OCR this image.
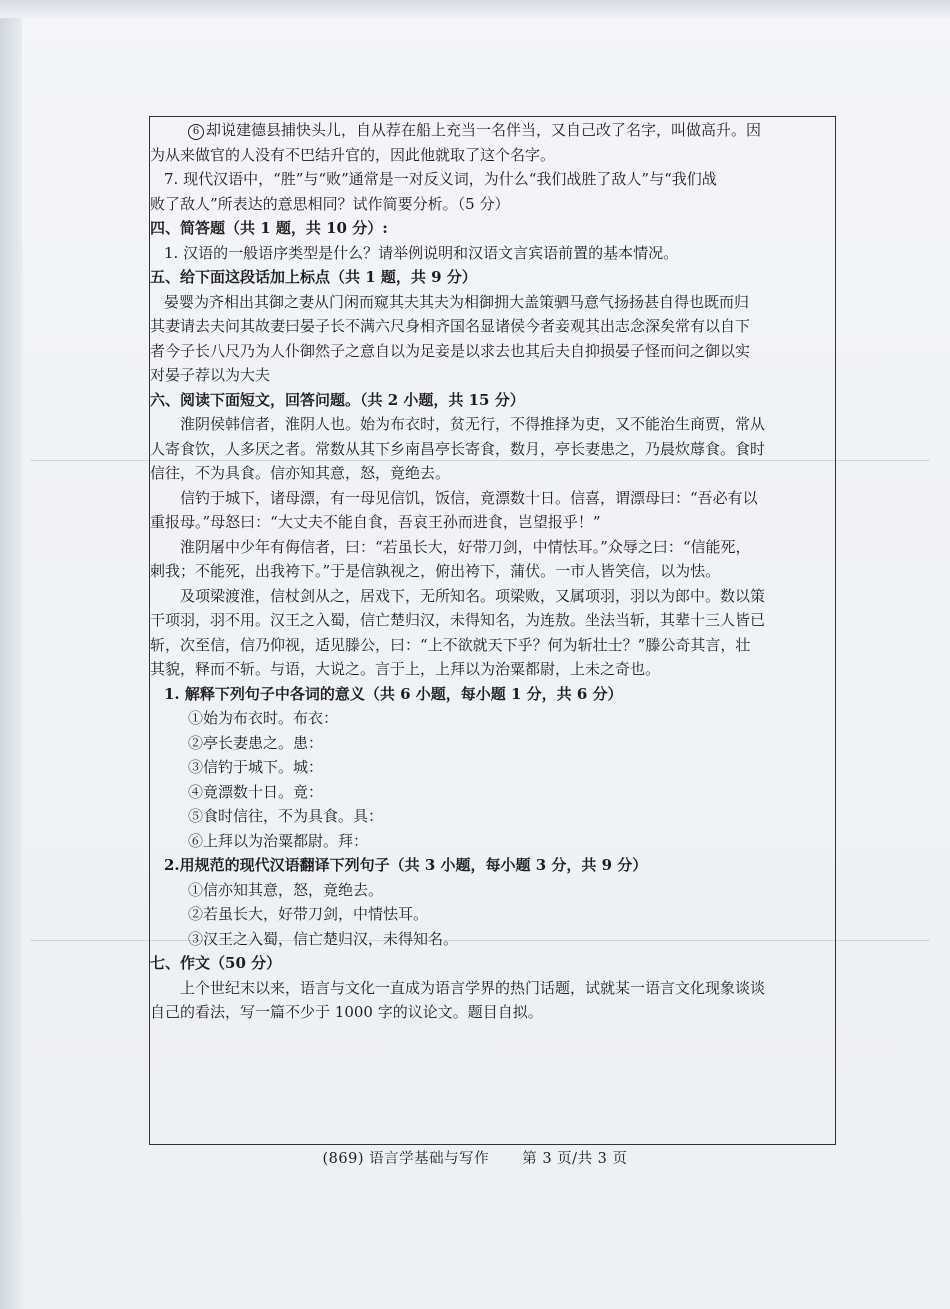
6 却说建德县捕快头儿，自从荐在船上充当一名伴当，又自己改了名字，叫做高升。因
为从来做官的人没有不巴结升官的，因此他就取了这个名字。
7. 现代汉语中，“胜”与“败”通常是一对反义词，为什么“我们战胜了敌人”与“我们战
败了敌人”所表达的意思相同？试作简要分析。（5 分）
四、简答题（共 1 题，共 10 分）:
1. 汉语的一般语序类型是什么？请举例说明和汉语文言宾语前置的基本情况。
五、给下面这段话加上标点（共 1 题，共 9 分）
晏婴为齐相出其御之妻从门闲而窥其夫其夫为相御拥大盖策驷马意气扬扬甚自得也既而归
其妻请去夫问其故妻曰晏子长不满六尺身相齐国名显诸侯今者妾观其出志念深矣常有以自下
者今子长八尺乃为人仆御然子之意自以为足妾是以求去也其后夫自抑损晏子怪而问之御以实
对晏子荐以为大夫
六、阅读下面短文，回答问题。（共 2 小题，共 15 分）
淮阴侯韩信者，淮阴人也。始为布衣时，贫无行，不得推择为吏，又不能治生商贾，常从
人寄食饮，人多厌之者。常数从其下乡南昌亭长寄食，数月，亭长妻患之，乃晨炊蓐食。食时
信往，不为具食。信亦知其意，怒，竟绝去。
信钓于城下，诸母漂，有一母见信饥，饭信，竟漂数十日。信喜，谓漂母曰：“吾必有以
重报母。”母怒曰：“大丈夫不能自食，吾哀王孙而进食，岂望报乎！”
淮阴屠中少年有侮信者，曰：“若虽长大，好带刀剑，中情怯耳。”众辱之曰：“信能死，
刺我；不能死，出我袴下。”于是信孰视之，俯出袴下，蒲伏。一市人皆笑信，以为怯。
及项梁渡淮，信杖剑从之，居戏下，无所知名。项梁败，又属项羽，羽以为郎中。数以策
干项羽，羽不用。汉王之入蜀，信亡楚归汉，未得知名，为连敖。坐法当斩，其辈十三人皆已
斩，次至信，信乃仰视，适见滕公，曰：“上不欲就天下乎？何为斩壮士？”滕公奇其言，壮
其貌，释而不斩。与语，大说之。言于上，上拜以为治粟都尉，上未之奇也。
1. 解释下列句子中各词的意义（共 6 小题，每小题 1 分，共 6 分）
①始为布衣时。布衣：
②亭长妻患之。患：
③信钓于城下。城：
④竟漂数十日。竟：
⑤食时信往，不为具食。具：
⑥上拜以为治粟都尉。拜：
2.用规范的现代汉语翻译下列句子（共 3 小题，每小题 3 分，共 9 分）
①信亦知其意，怒，竟绝去。
②若虽长大，好带刀剑，中情怯耳。
③汉王之入蜀，信亡楚归汉，未得知名。
七、作文（50 分）
上个世纪末以来，语言与文化一直成为语言学界的热门话题，试就某一语言文化现象谈谈
自己的看法，写一篇不少于 1000 字的议论文。题目自拟。
(869) 语言学基础与写作 第 3 页/共 3 页
